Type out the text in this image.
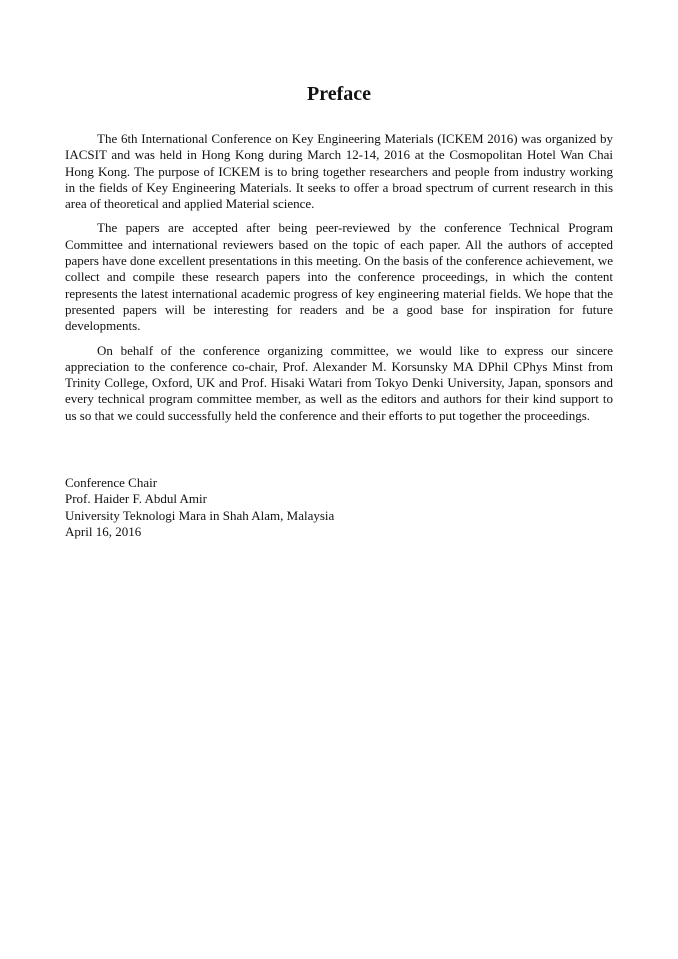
Preface

The 6th International Conference on Key Engineering Materials (ICKEM 2016) was organized by IACSIT and was held in Hong Kong during March 12-14, 2016 at the Cosmopolitan Hotel Wan Chai Hong Kong. The purpose of ICKEM is to bring together researchers and people from industry working in the fields of Key Engineering Materials. It seeks to offer a broad spectrum of current research in this area of theoretical and applied Material science.

The papers are accepted after being peer-reviewed by the conference Technical Program Committee and international reviewers based on the topic of each paper. All the authors of accepted papers have done excellent presentations in this meeting. On the basis of the conference achievement, we collect and compile these research papers into the conference proceedings, in which the content represents the latest international academic progress of key engineering material fields. We hope that the presented papers will be interesting for readers and be a good base for inspiration for future developments.

On behalf of the conference organizing committee, we would like to express our sincere appreciation to the conference co-chair, Prof. Alexander M. Korsunsky MA DPhil CPhys Minst from Trinity College, Oxford, UK and Prof. Hisaki Watari from Tokyo Denki University, Japan, sponsors and every technical program committee member, as well as the editors and authors for their kind support to us so that we could successfully held the conference and their efforts to put together the proceedings.

Conference Chair
Prof. Haider F. Abdul Amir
University Teknologi Mara in Shah Alam, Malaysia
April 16, 2016
